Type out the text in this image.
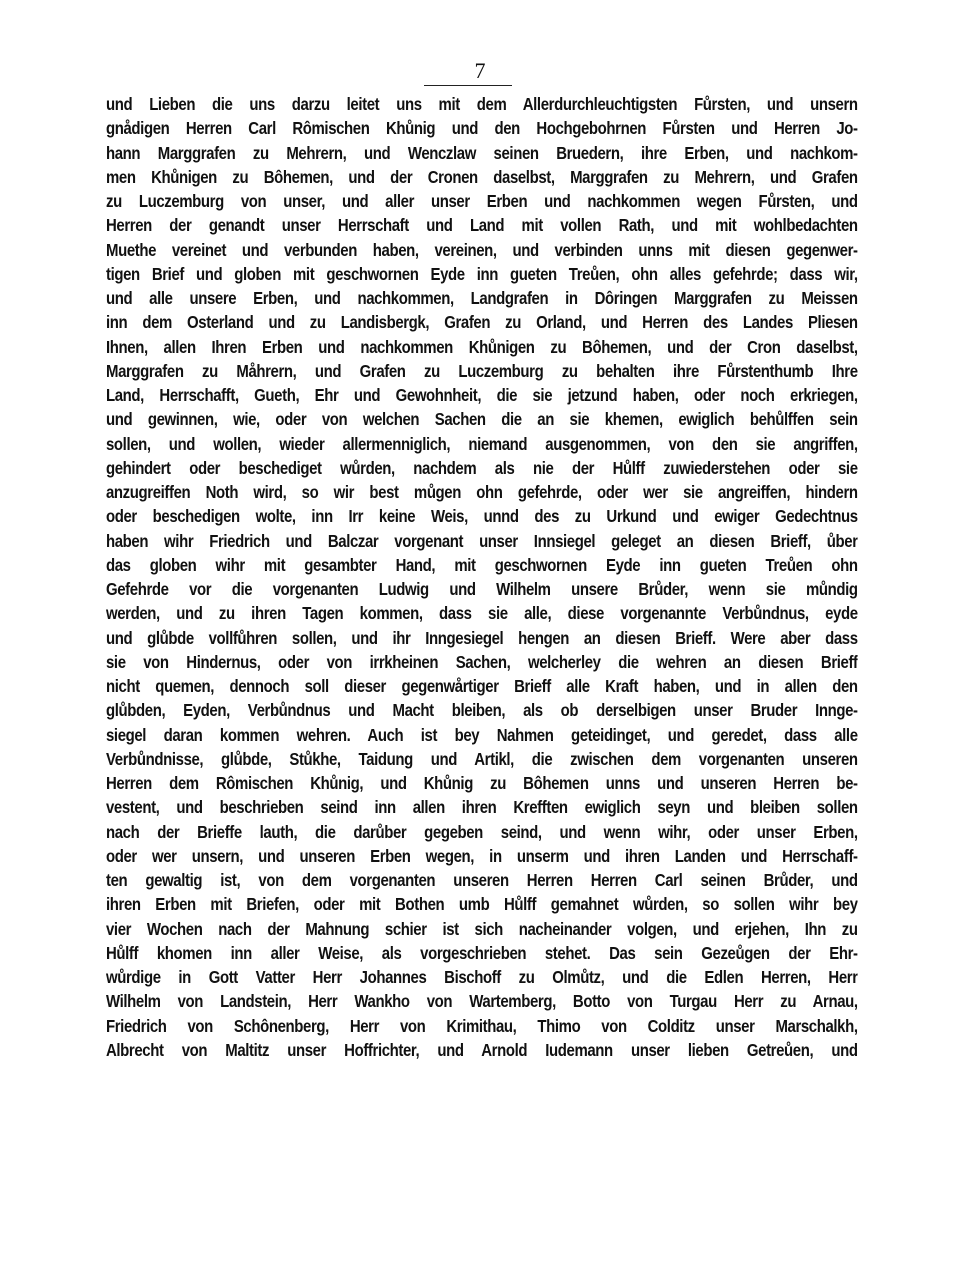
7
und Lieben die uns darzu leitet uns mit dem Allerdurchleuchtigsten Fůrsten, und unsern
gnådigen Herren Carl Rômischen Khůnig und den Hochgebohrnen Fůrsten und Herren Jo-
hann Marggrafen zu Mehrern, und Wenczlaw seinen Bruedern, ihre Erben, und nachkom-
men Khůnigen zu Bôhemen, und der Cronen daselbst, Marggrafen zu Mehrern, und Grafen
zu Luczemburg von unser, und aller unser Erben und nachkommen wegen Fůrsten, und
Herren der genandt unser Herrschaft und Land mit vollen Rath, und mit wohlbedachten
Muethe vereinet und verbunden haben, vereinen, und verbinden unns mit diesen gegenwer-
tigen Brief und globen mit geschwornen Eyde inn gueten Treůen, ohn alles gefehrde; dass wir,
und alle unsere Erben, und nachkommen, Landgrafen in Dôringen Marggrafen zu Meissen
inn dem Osterland und zu Landisbergk, Grafen zu Orland, und Herren des Landes Pliesen
Ihnen, allen Ihren Erben und nachkommen Khůnigen zu Bôhemen, und der Cron daselbst,
Marggrafen zu Måhrern, und Grafen zu Luczemburg zu behalten ihre Fůrstenthumb Ihre
Land, Herrschafft, Gueth, Ehr und Gewohnheit, die sie jetzund haben, oder noch erkriegen,
und gewinnen, wie, oder von welchen Sachen die an sie khemen, ewiglich behůlffen sein
sollen, und wollen, wieder allermenniglich, niemand ausgenommen, von den sie angriffen,
gehindert oder beschediget wůrden, nachdem als nie der Hůlff zuwiederstehen oder sie
anzugreiffen Noth wird, so wir best můgen ohn gefehrde, oder wer sie angreiffen, hindern
oder beschedigen wolte, inn Irr keine Weis, unnd des zu Urkund und ewiger Gedechtnus
haben wihr Friedrich und Balczar vorgenant unser Innsiegel geleget an diesen Brieff, ůber
das globen wihr mit gesambter Hand, mit geschwornen Eyde inn gueten Treůen ohn
Gefehrde vor die vorgenanten Ludwig und Wilhelm unsere Brůder, wenn sie můndig
werden, und zu ihren Tagen kommen, dass sie alle, diese vorgenannte Verbůndnus, eyde
und glůbde vollfůhren sollen, und ihr Inngesiegel hengen an diesen Brieff. Were aber dass
sie von Hindernus, oder von irrkheinen Sachen, welcherley die wehren an diesen Brieff
nicht quemen, dennoch soll dieser gegenwårtiger Brieff alle Kraft haben, und in allen den
glůbden, Eyden, Verbůndnus und Macht bleiben, als ob derselbigen unser Bruder Innge-
siegel daran kommen wehren. Auch ist bey Nahmen geteidinget, und geredet, dass alle
Verbůndnisse, glůbde, Stůkhe, Taidung und Artikl, die zwischen dem vorgenanten unseren
Herren dem Rômischen Khůnig, und Khůnig zu Bôhemen unns und unseren Herren be-
vestent, und beschrieben seind inn allen ihren Krefften ewiglich seyn und bleiben sollen
nach der Brieffe lauth, die darůber gegeben seind, und wenn wihr, oder unser Erben,
oder wer unsern, und unseren Erben wegen, in unserm und ihren Landen und Herrschaff-
ten gewaltig ist, von dem vorgenanten unseren Herren Herren Carl seinen Brůder, und
ihren Erben mit Briefen, oder mit Bothen umb Hůlff gemahnet wůrden, so sollen wihr bey
vier Wochen nach der Mahnung schier ist sich nacheinander volgen, und erjehen, Ihn zu
Hůlff khomen inn aller Weise, als vorgeschrieben stehet. Das sein Gezeůgen der Ehr-
wůrdige in Gott Vatter Herr Johannes Bischoff zu Olmůtz, und die Edlen Herren, Herr
Wilhelm von Landstein, Herr Wankho von Wartemberg, Botto von Turgau Herr zu Arnau,
Friedrich von Schônenberg, Herr von Krimithau, Thimo von Colditz unser Marschalkh,
Albrecht von Maltitz unser Hoffrichter, und Arnold Iudemann unser lieben Getreůen, und
